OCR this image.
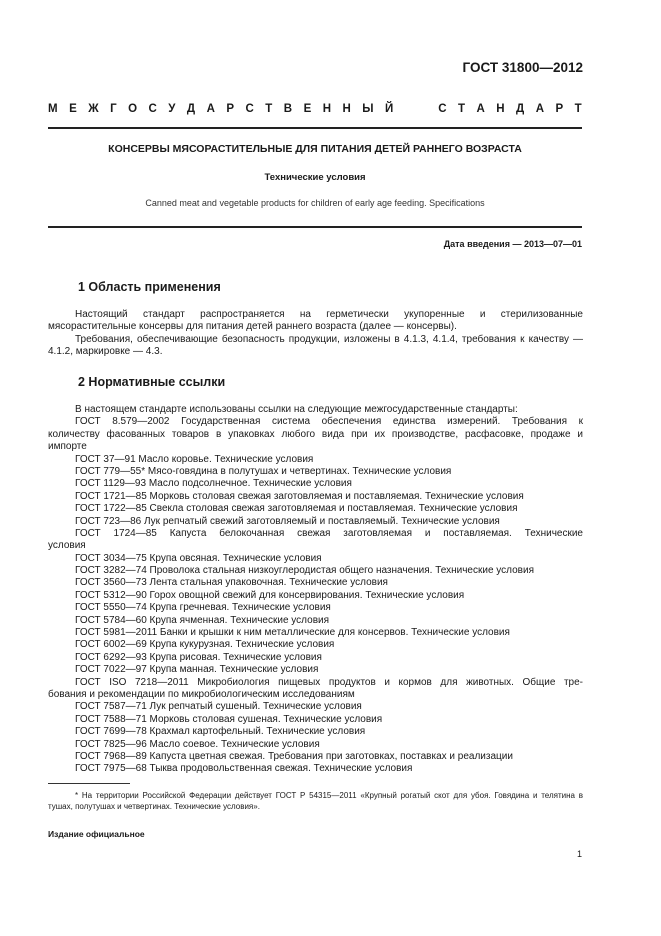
ГОСТ 31800—2012
М Е Ж Г О С У Д А Р С Т В Е Н Н Ы Й	С Т А Н Д А Р Т
КОНСЕРВЫ МЯСОРАСТИТЕЛЬНЫЕ ДЛЯ ПИТАНИЯ ДЕТЕЙ РАННЕГО ВОЗРАСТА
Технические условия
Canned meat and vegetable products for children of early age feeding. Specifications
Дата введения — 2013—07—01
1 Область применения
Настоящий стандарт распространяется на герметически укупоренные и стерилизованные мясорастительные консервы для питания детей раннего возраста (далее — консервы).
Требования, обеспечивающие безопасность продукции, изложены в 4.1.3, 4.1.4, требования к качеству — 4.1.2, маркировке — 4.3.
2 Нормативные ссылки
В настоящем стандарте использованы ссылки на следующие межгосударственные стандарты:
ГОСТ 8.579—2002 Государственная система обеспечения единства измерений. Требования к
количеству фасованных товаров в упаковках любого вида при их производстве, расфасовке, продаже и
импорте
ГОСТ 37—91 Масло коровье. Технические условия
ГОСТ 779—55* Мясо-говядина в полутушах и четвертинах. Технические условия
ГОСТ 1129—93 Масло подсолнечное. Технические условия
ГОСТ 1721—85 Морковь столовая свежая заготовляемая и поставляемая. Технические условия
ГОСТ 1722—85 Свекла столовая свежая заготовляемая и поставляемая. Технические условия
ГОСТ 723—86 Лук репчатый свежий заготовляемый и поставляемый. Технические условия
ГОСТ 1724—85 Капуста белокочанная свежая заготовляемая и поставляемая. Технические
условия
ГОСТ 3034—75 Крупа овсяная. Технические условия
ГОСТ 3282—74 Проволока стальная низкоуглеродистая общего назначения. Технические условия
ГОСТ 3560—73 Лента стальная упаковочная. Технические условия
ГОСТ 5312—90 Горох овощной свежий для консервирования. Технические условия
ГОСТ 5550—74 Крупа гречневая. Технические условия
ГОСТ 5784—60 Крупа ячменная. Технические условия
ГОСТ 5981—2011 Банки и крышки к ним металлические для консервов. Технические условия
ГОСТ 6002—69 Крупа кукурузная. Технические условия
ГОСТ 6292—93 Крупа рисовая. Технические условия
ГОСТ 7022—97 Крупа манная. Технические условия
ГОСТ ISO 7218—2011 Микробиология пищевых продуктов и кормов для животных. Общие тре-
бования и рекомендации по микробиологическим исследованиям
ГОСТ 7587—71 Лук репчатый сушеный. Технические условия
ГОСТ 7588—71 Морковь столовая сушеная. Технические условия
ГОСТ 7699—78 Крахмал картофельный. Технические условия
ГОСТ 7825—96 Масло соевое. Технические условия
ГОСТ 7968—89 Капуста цветная свежая. Требования при заготовках, поставках и реализации
ГОСТ 7975—68 Тыква продовольственная свежая. Технические условия
* На территории Российской Федерации действует ГОСТ Р 54315—2011 «Крупный рогатый скот для убоя. Говядина и телятина в тушах, полутушах и четвертинах. Технические условия».
Издание официальное
1
